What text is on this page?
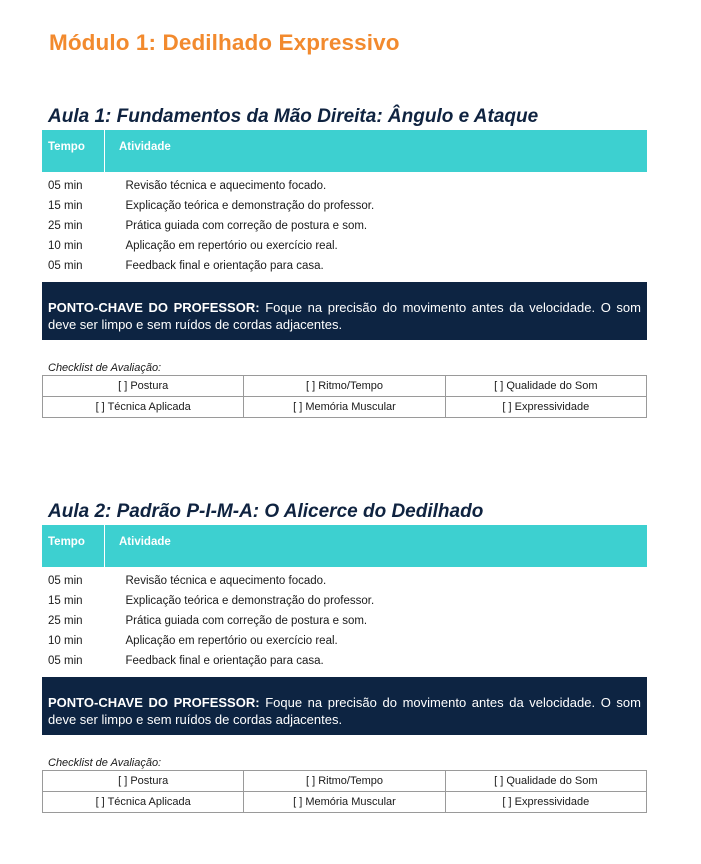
Módulo 1: Dedilhado Expressivo
Aula 1: Fundamentos da Mão Direita: Ângulo e Ataque
Tempo	Atividade
05 min	Revisão técnica e aquecimento focado.
15 min	Explicação teórica e demonstração do professor.
25 min	Prática guiada com correção de postura e som.
10 min	Aplicação em repertório ou exercício real.
05 min	Feedback final e orientação para casa.
PONTO-CHAVE DO PROFESSOR: Foque na precisão do movimento antes da velocidade. O som deve ser limpo e sem ruídos de cordas adjacentes.
Checklist de Avaliação:
[ ] Postura	[ ] Ritmo/Tempo	[ ] Qualidade do Som
[ ] Técnica Aplicada	[ ] Memória Muscular	[ ] Expressividade
Aula 2: Padrão P-I-M-A: O Alicerce do Dedilhado
Tempo	Atividade
05 min	Revisão técnica e aquecimento focado.
15 min	Explicação teórica e demonstração do professor.
25 min	Prática guiada com correção de postura e som.
10 min	Aplicação em repertório ou exercício real.
05 min	Feedback final e orientação para casa.
PONTO-CHAVE DO PROFESSOR: Foque na precisão do movimento antes da velocidade. O som deve ser limpo e sem ruídos de cordas adjacentes.
Checklist de Avaliação:
[ ] Postura	[ ] Ritmo/Tempo	[ ] Qualidade do Som
[ ] Técnica Aplicada	[ ] Memória Muscular	[ ] Expressividade
